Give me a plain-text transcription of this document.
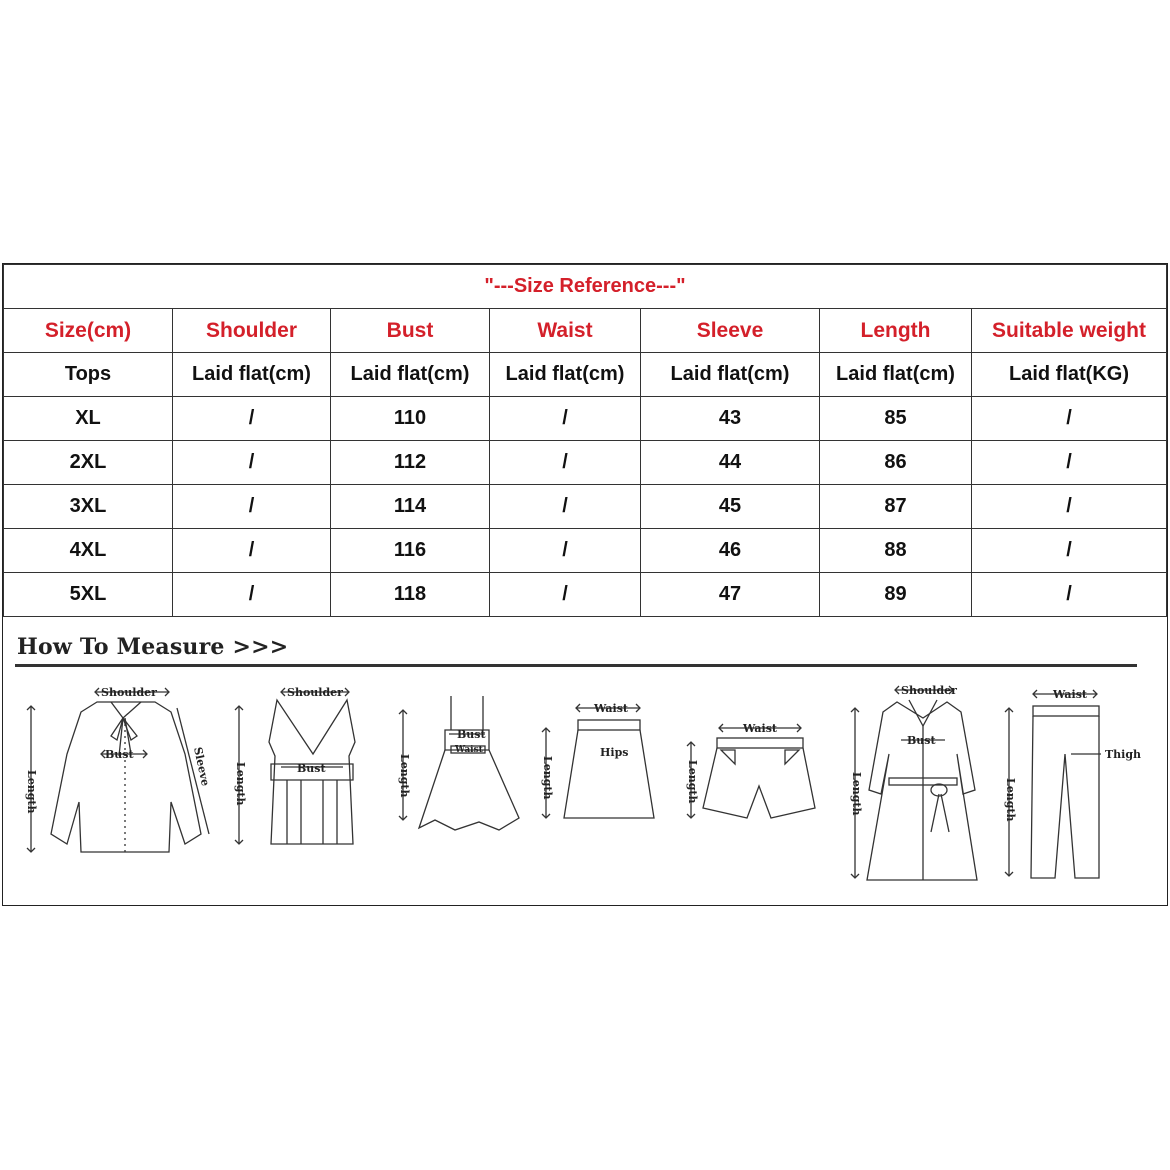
"---Size Reference---"						
Size(cm)	Shoulder	Bust	Waist	Sleeve	Length	Suitable weight
Tops	Laid flat(cm)	Laid flat(cm)	Laid flat(cm)	Laid flat(cm)	Laid flat(cm)	Laid flat(KG)
XL	/	110	/	43	85	/
2XL	/	112	/	44	86	/
3XL	/	114	/	45	87	/
4XL	/	116	/	46	88	/
5XL	/	118	/	47	89	/
How To Measure >>>
Shoulder
Length
Bust	Sleeve
Shoulder
Length	Bust	Length
Bust
Waist
Waist
Length
Hips
Waist
Length
Shoulder
Length
Bust
Waist
Length
Thigh
